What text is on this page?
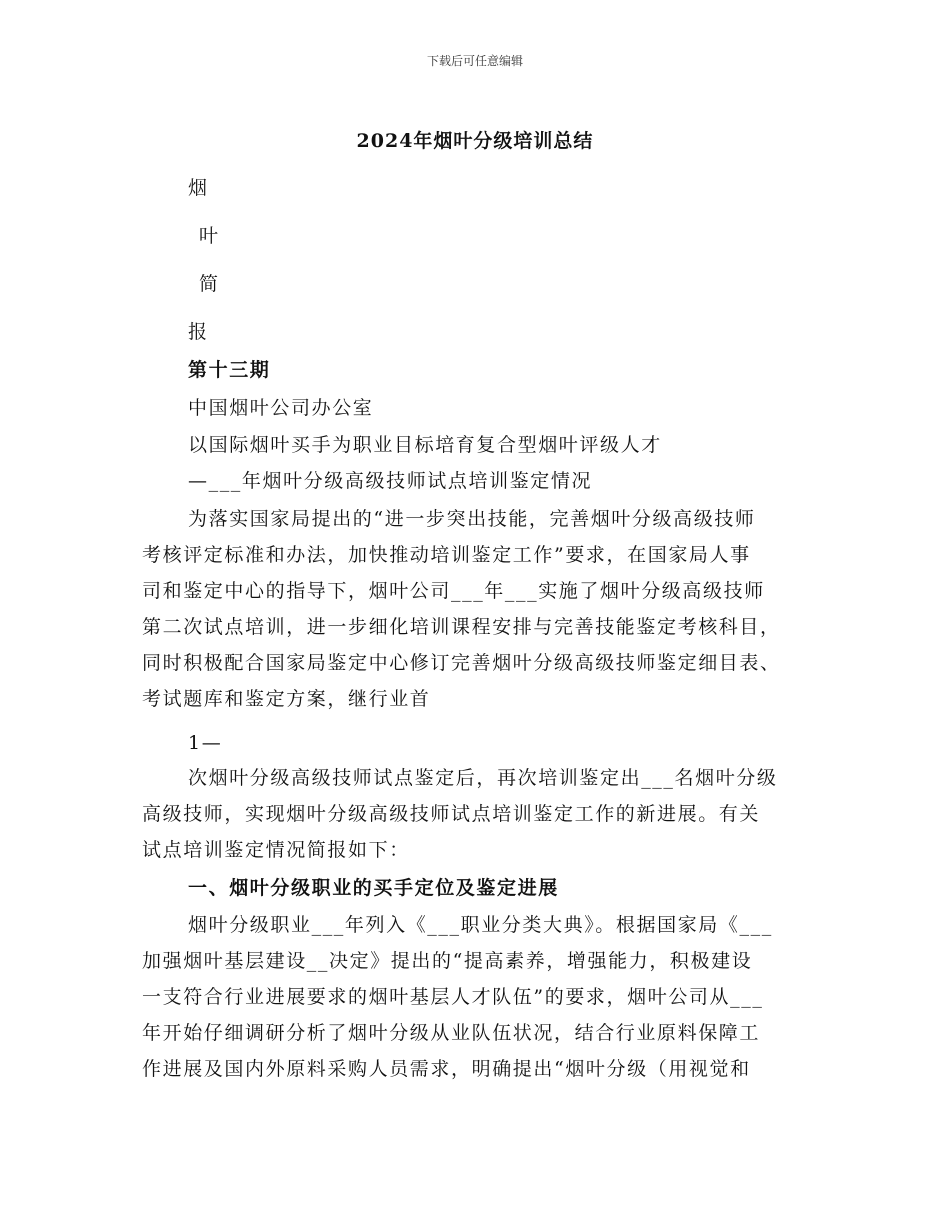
下载后可任意编辑
2024年烟叶分级培训总结
烟
叶
简
报
第十三期
中国烟叶公司办公室
以国际烟叶买手为职业目标培育复合型烟叶评级人才
—___年烟叶分级高级技师试点培训鉴定情况
为落实国家局提出的“进一步突出技能，完善烟叶分级高级技师
考核评定标准和办法，加快推动培训鉴定工作”要求，在国家局人事
司和鉴定中心的指导下，烟叶公司___年___实施了烟叶分级高级技师
第二次试点培训，进一步细化培训课程安排与完善技能鉴定考核科目，
同时积极配合国家局鉴定中心修订完善烟叶分级高级技师鉴定细目表、
考试题库和鉴定方案，继行业首
1—
次烟叶分级高级技师试点鉴定后，再次培训鉴定出___名烟叶分级
高级技师，实现烟叶分级高级技师试点培训鉴定工作的新进展。有关
试点培训鉴定情况简报如下：
一、烟叶分级职业的买手定位及鉴定进展
烟叶分级职业___年列入《___职业分类大典》。根据国家局《___
加强烟叶基层建设__决定》提出的“提高素养，增强能力，积极建设
一支符合行业进展要求的烟叶基层人才队伍”的要求，烟叶公司从___
年开始仔细调研分析了烟叶分级从业队伍状况，结合行业原料保障工
作进展及国内外原料采购人员需求，明确提出“烟叶分级（用视觉和
